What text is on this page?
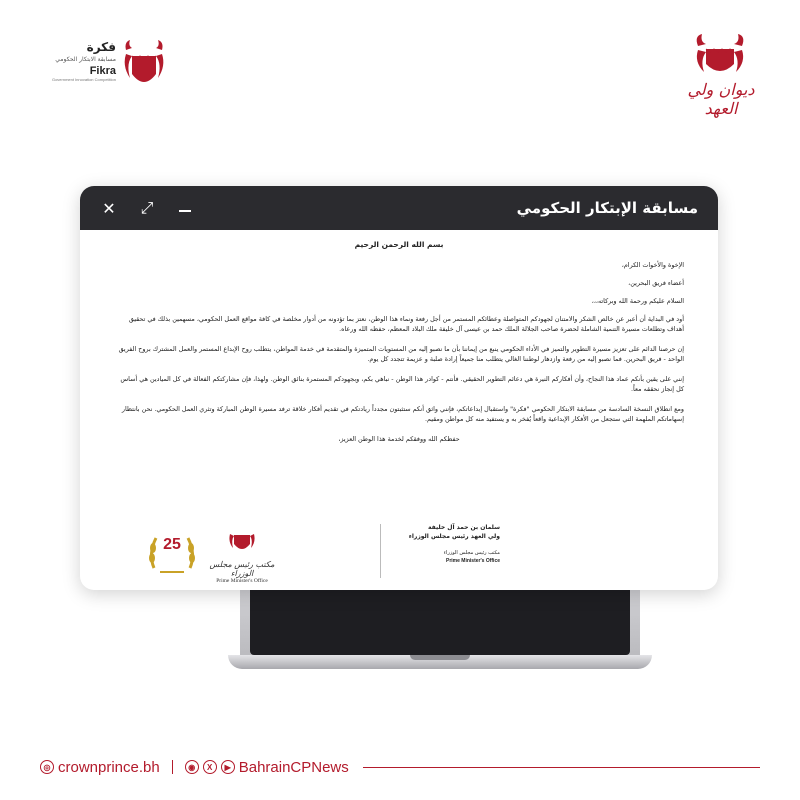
فكرة
مسابقة الابتكار الحكومي
Fikra
Government Innovation Competition
ديوان ولي العهد
✕ ⤢	مسابقة الإبتكار الحكومي
بسم الله الرحمن الرحيم

الإخوة والأخوات الكرام،

أعضاء فريق البحرين،

السلام عليكم ورحمة الله وبركاته،،،

أود في البداية أن أعبر عن خالص الشكر والامتنان لجهودكم المتواصلة وعطائكم المستمر من أجل رفعة ونماء هذا الوطن، نعتز بما تؤدونه من أدوار مخلصة في كافة مواقع العمل الحكومي، مسهمين بذلك في تحقيق أهداف وتطلعات مسيرة التنمية الشاملة لحضرة صاحب الجلالة الملك حمد بن عيسى آل خليفة ملك البلاد المعظم، حفظه الله ورعاه.

إن حرصنا الدائم على تعزيز مسيرة التطوير والتميز في الأداء الحكومي ينبع من إيماننا بأن ما نصبو إليه من المستويات المتميزة والمتقدمة في خدمة المواطن، يتطلب روح الإبداع المستمر والعمل المشترك بروح الفريق الواحد - فريق البحرين. فما نصبو إليه من رفعة وازدهار لوطننا الغالي يتطلب منا جميعاً إرادة صلبة و عزيمة تتجدد كل يوم.

إنني على يقين بأنكم عماد هذا النجاح، وأن أفكاركم النيرة هي دعائم التطوير الحقيقي. فأنتم - كوادر هذا الوطن - نباهي بكم، وبجهودكم المستمرة بنائق الوطن. ولهذا، فإن مشاركتكم الفعالة في كل الميادين هي أساس كل إنجاز نحققه معاً.

ومع انطلاق النسخة السادسة من مسابقة الابتكار الحكومي "فكرة" واستقبال إبداعاتكم، فإنني واثق أنكم ستثبتون مجدداً ريادتكم في تقديم أفكار خلاقة ترفد مسيرة الوطن المباركة وتثري العمل الحكومي. نحن بانتظار إسهاماتكم الملهمة التي ستجعل من الأفكار الإبداعية واقعاً يُفخر به و يستفيد منه كل مواطن ومقيم.

حفظكم الله ووفقكم لخدمة هذا الوطن العزيز،
25
مكتب رئيس مجلس الوزراء
Prime Minister's Office
سلمان بن حمد آل خليفة
ولي العهد رئيس مجلس الوزراء
مكتب رئيس مجلس الوزراء
Prime Minister's Office
◎ crownprince.bh	◉	X	▶ BahrainCPNews
